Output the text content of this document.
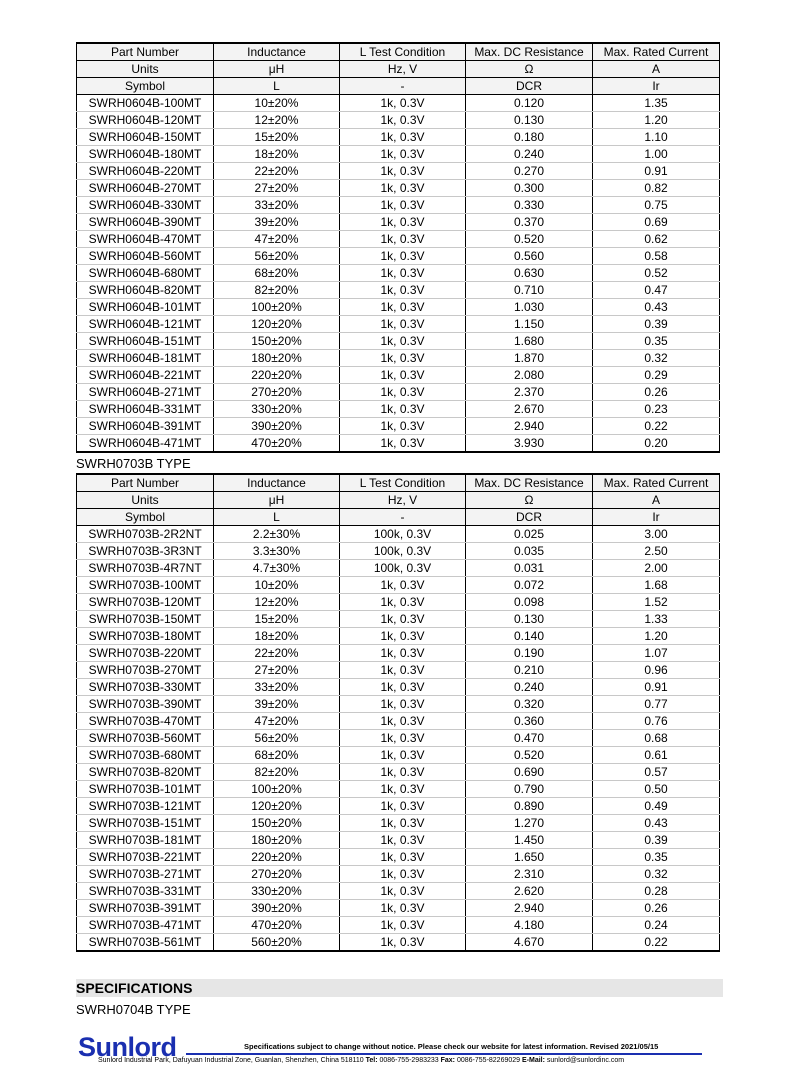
Part Number	Inductance	L Test Condition	Max. DC Resistance	Max. Rated Current
Units	μH	Hz, V	Ω	A
Symbol	L	-	DCR	Ir
SWRH0604B-100MT	10±20%	1k, 0.3V	0.120	1.35
SWRH0604B-120MT	12±20%	1k, 0.3V	0.130	1.20
SWRH0604B-150MT	15±20%	1k, 0.3V	0.180	1.10
SWRH0604B-180MT	18±20%	1k, 0.3V	0.240	1.00
SWRH0604B-220MT	22±20%	1k, 0.3V	0.270	0.91
SWRH0604B-270MT	27±20%	1k, 0.3V	0.300	0.82
SWRH0604B-330MT	33±20%	1k, 0.3V	0.330	0.75
SWRH0604B-390MT	39±20%	1k, 0.3V	0.370	0.69
SWRH0604B-470MT	47±20%	1k, 0.3V	0.520	0.62
SWRH0604B-560MT	56±20%	1k, 0.3V	0.560	0.58
SWRH0604B-680MT	68±20%	1k, 0.3V	0.630	0.52
SWRH0604B-820MT	82±20%	1k, 0.3V	0.710	0.47
SWRH0604B-101MT	100±20%	1k, 0.3V	1.030	0.43
SWRH0604B-121MT	120±20%	1k, 0.3V	1.150	0.39
SWRH0604B-151MT	150±20%	1k, 0.3V	1.680	0.35
SWRH0604B-181MT	180±20%	1k, 0.3V	1.870	0.32
SWRH0604B-221MT	220±20%	1k, 0.3V	2.080	0.29
SWRH0604B-271MT	270±20%	1k, 0.3V	2.370	0.26
SWRH0604B-331MT	330±20%	1k, 0.3V	2.670	0.23
SWRH0604B-391MT	390±20%	1k, 0.3V	2.940	0.22
SWRH0604B-471MT	470±20%	1k, 0.3V	3.930	0.20
SWRH0703B TYPE
Part Number	Inductance	L Test Condition	Max. DC Resistance	Max. Rated Current
Units	μH	Hz, V	Ω	A
Symbol	L	-	DCR	Ir
SWRH0703B-2R2NT	2.2±30%	100k, 0.3V	0.025	3.00
SWRH0703B-3R3NT	3.3±30%	100k, 0.3V	0.035	2.50
SWRH0703B-4R7NT	4.7±30%	100k, 0.3V	0.031	2.00
SWRH0703B-100MT	10±20%	1k, 0.3V	0.072	1.68
SWRH0703B-120MT	12±20%	1k, 0.3V	0.098	1.52
SWRH0703B-150MT	15±20%	1k, 0.3V	0.130	1.33
SWRH0703B-180MT	18±20%	1k, 0.3V	0.140	1.20
SWRH0703B-220MT	22±20%	1k, 0.3V	0.190	1.07
SWRH0703B-270MT	27±20%	1k, 0.3V	0.210	0.96
SWRH0703B-330MT	33±20%	1k, 0.3V	0.240	0.91
SWRH0703B-390MT	39±20%	1k, 0.3V	0.320	0.77
SWRH0703B-470MT	47±20%	1k, 0.3V	0.360	0.76
SWRH0703B-560MT	56±20%	1k, 0.3V	0.470	0.68
SWRH0703B-680MT	68±20%	1k, 0.3V	0.520	0.61
SWRH0703B-820MT	82±20%	1k, 0.3V	0.690	0.57
SWRH0703B-101MT	100±20%	1k, 0.3V	0.790	0.50
SWRH0703B-121MT	120±20%	1k, 0.3V	0.890	0.49
SWRH0703B-151MT	150±20%	1k, 0.3V	1.270	0.43
SWRH0703B-181MT	180±20%	1k, 0.3V	1.450	0.39
SWRH0703B-221MT	220±20%	1k, 0.3V	1.650	0.35
SWRH0703B-271MT	270±20%	1k, 0.3V	2.310	0.32
SWRH0703B-331MT	330±20%	1k, 0.3V	2.620	0.28
SWRH0703B-391MT	390±20%	1k, 0.3V	2.940	0.26
SWRH0703B-471MT	470±20%	1k, 0.3V	4.180	0.24
SWRH0703B-561MT	560±20%	1k, 0.3V	4.670	0.22
SPECIFICATIONS
SWRH0704B TYPE
Sunlord	Specifications subject to change without notice. Please check our website for latest information. Revised 2021/05/15
Sunlord Industrial Park, Dafuyuan Industrial Zone, Guanlan, Shenzhen, China 518110 Tel: 0086-755-2983233 Fax: 0086-755-82269029 E-Mail: sunlord@sunlordinc.com
